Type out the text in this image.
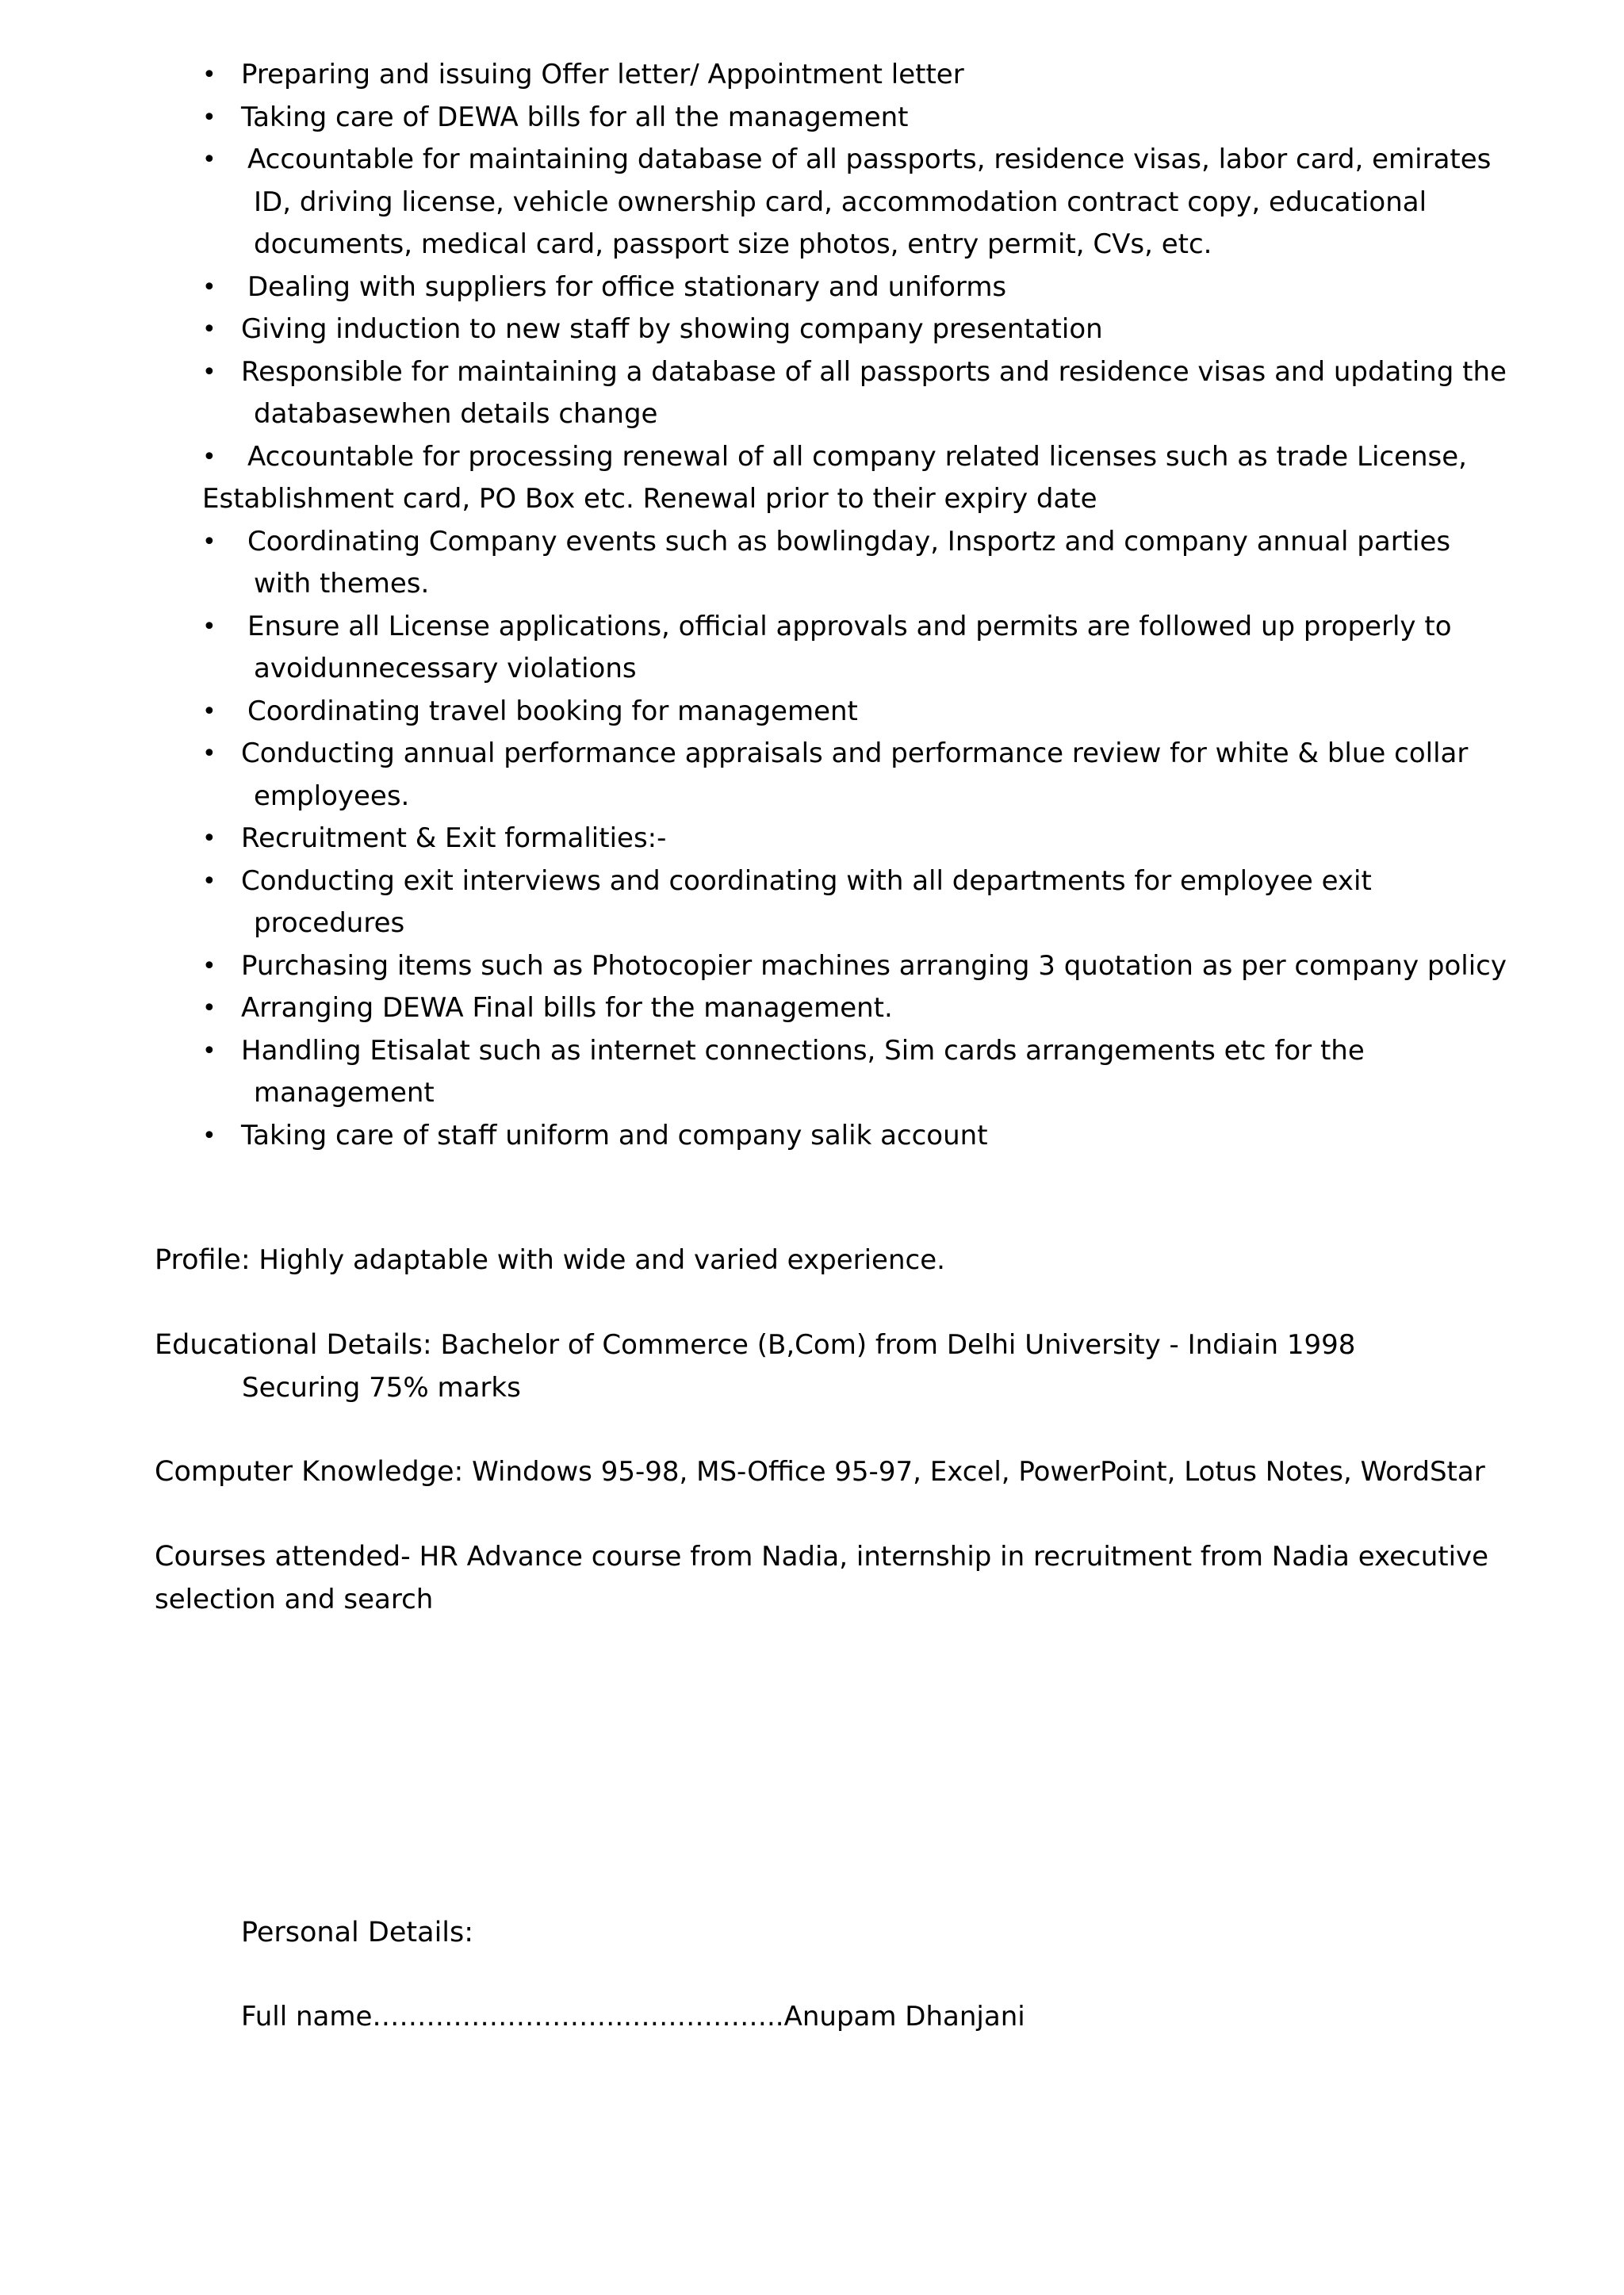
• Preparing and issuing Offer letter/ Appointment letter
• Taking care of DEWA bills for all the management
•	Accountable for maintaining database of all passports, residence visas, labor card, emirates
ID, driving license, vehicle ownership card, accommodation contract copy, educational
documents, medical card, passport size photos, entry permit, CVs, etc.
•	Dealing with suppliers for office stationary and uniforms
• Giving induction to new staff by showing company presentation
• Responsible for maintaining a database of all passports and residence visas and updating the
databasewhen details change
•	Accountable for processing renewal of all company related licenses such as trade License,
Establishment card, PO Box etc. Renewal prior to their expiry date
•	Coordinating Company events such as bowlingday, Insportz and company annual parties
with themes.
•	Ensure all License applications, official approvals and permits are followed up properly to
avoidunnecessary violations
•	Coordinating travel booking for management
• Conducting annual performance appraisals and performance review for white & blue collar
employees.
• Recruitment & Exit formalities:-
• Conducting exit interviews and coordinating with all departments for employee exit
procedures
• Purchasing items such as Photocopier machines arranging 3 quotation as per company policy
• Arranging DEWA Final bills for the management.
• Handling Etisalat such as internet connections, Sim cards arrangements etc for the
management
• Taking care of staff uniform and company salik account
Profile: Highly adaptable with wide and varied experience.
Educational Details: Bachelor of Commerce (B,Com) from Delhi University - Indiain 1998
Securing 75% marks
Computer Knowledge: Windows 95-98, MS-Office 95-97, Excel, PowerPoint, Lotus Notes, WordStar
Courses attended- HR Advance course from Nadia, internship in recruitment from Nadia executive
selection and search
Personal Details:
Full name………………………..……………..Anupam Dhanjani
